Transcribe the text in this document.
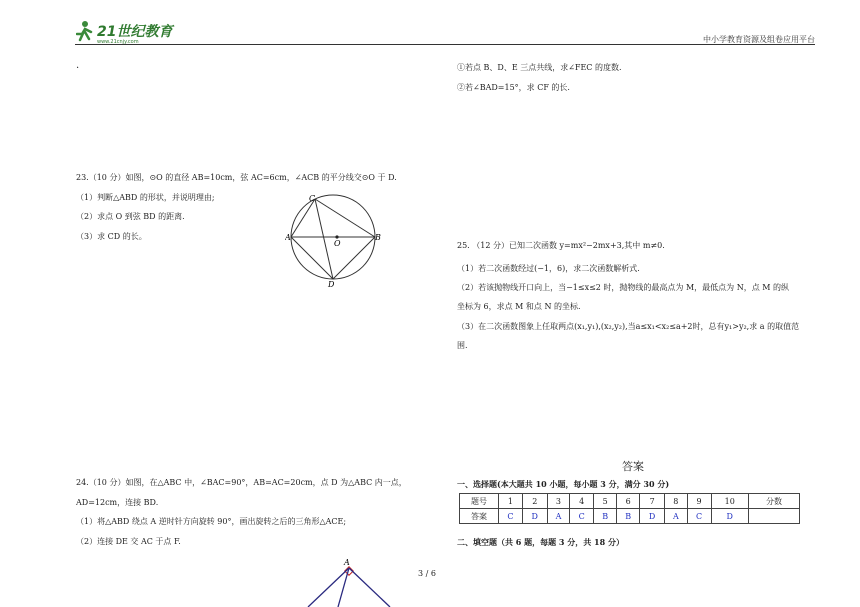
21世纪教育
www.21cnjy.com	中小学教育资源及组卷应用平台
.
23.（10 分）如图，⊙O 的直径 AB=10cm，弦 AC=6cm，∠ACB 的平分线交⊙O 于 D.
（1）判断△ABD 的形状，并说明理由;
（2）求点 O 到弦 BD 的距离.
（3）求 CD 的长。
C
A
O
B
D
24.（10 分）如图，在△ABC 中，∠BAC=90°，AB=AC=20cm，点 D 为△ABC 内一点，
AD=12cm，连接 BD.
（1）将△ABD 绕点 A 逆时针方向旋转 90°，画出旋转之后的三角形△ACE;
（2）连接 DE 交 AC 于点 F.
A
①若点 B、D、E 三点共线，求∠FEC 的度数.
②若∠BAD=15°，求 CF 的长.
25. （12 分）已知二次函数 y=mx²−2mx+3,其中 m≠0.
（1）若二次函数经过(−1，6)，求二次函数解析式.
（2）若该抛物线开口向上，当−1≤x≤2 时，抛物线的最高点为 M，最低点为 N，点 M 的纵
坐标为 6，求点 M 和点 N 的坐标.
（3）在二次函数图象上任取两点(x₁,y₁),(x₂,y₂),当a≤x₁<x₂≤a+2时，总有y₁>y₂,求 a 的取值范
围.
答案
一、选择题(本大题共 10 小题，每小题 3 分，满分 30 分)
题号	1	2	3	4	5	6	7	8	9	10	分数
答案	C	D	A	C	B	B	D	A	C	D	
二、填空题（共 6 题，每题 3 分，共 18 分）
3 / 6
